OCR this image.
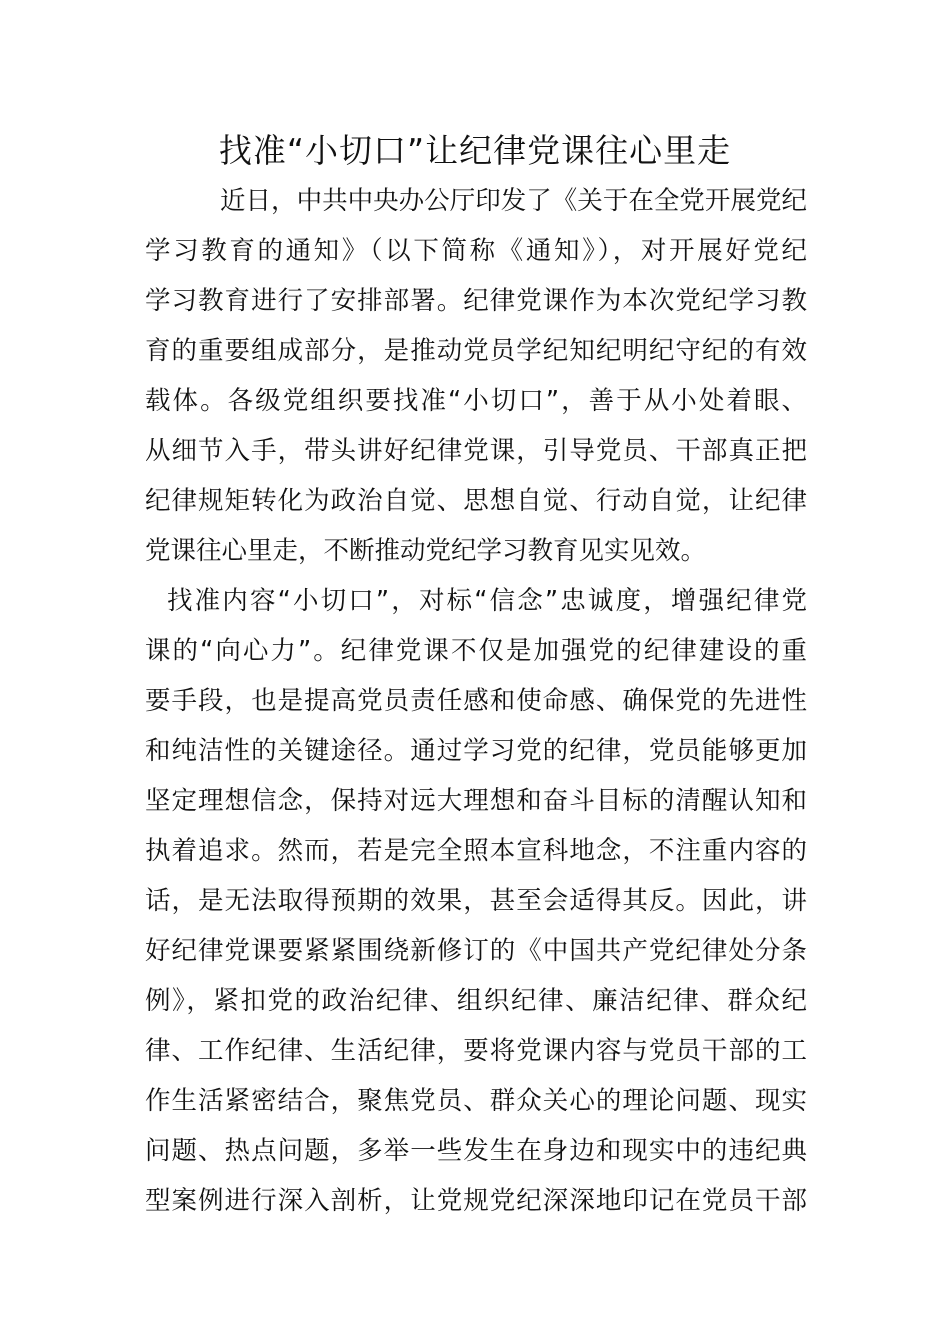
找准“小切口”让纪律党课往心里走
近日，中共中央办公厅印发了《关于在全党开展党纪
学习教育的通知》（以下简称《通知》），对开展好党纪
学习教育进行了安排部署。纪律党课作为本次党纪学习教
育的重要组成部分，是推动党员学纪知纪明纪守纪的有效
载体。各级党组织要找准“小切口”，善于从小处着眼、
从细节入手，带头讲好纪律党课，引导党员、干部真正把
纪律规矩转化为政治自觉、思想自觉、行动自觉，让纪律
党课往心里走，不断推动党纪学习教育见实见效。
找准内容“小切口”，对标“信念”忠诚度，增强纪律党
课的“向心力”。纪律党课不仅是加强党的纪律建设的重
要手段，也是提高党员责任感和使命感、确保党的先进性
和纯洁性的关键途径。通过学习党的纪律，党员能够更加
坚定理想信念，保持对远大理想和奋斗目标的清醒认知和
执着追求。然而，若是完全照本宣科地念，不注重内容的
话，是无法取得预期的效果，甚至会适得其反。因此，讲
好纪律党课要紧紧围绕新修订的《中国共产党纪律处分条
例》，紧扣党的政治纪律、组织纪律、廉洁纪律、群众纪
律、工作纪律、生活纪律，要将党课内容与党员干部的工
作生活紧密结合，聚焦党员、群众关心的理论问题、现实
问题、热点问题，多举一些发生在身边和现实中的违纪典
型案例进行深入剖析，让党规党纪深深地印记在党员干部
